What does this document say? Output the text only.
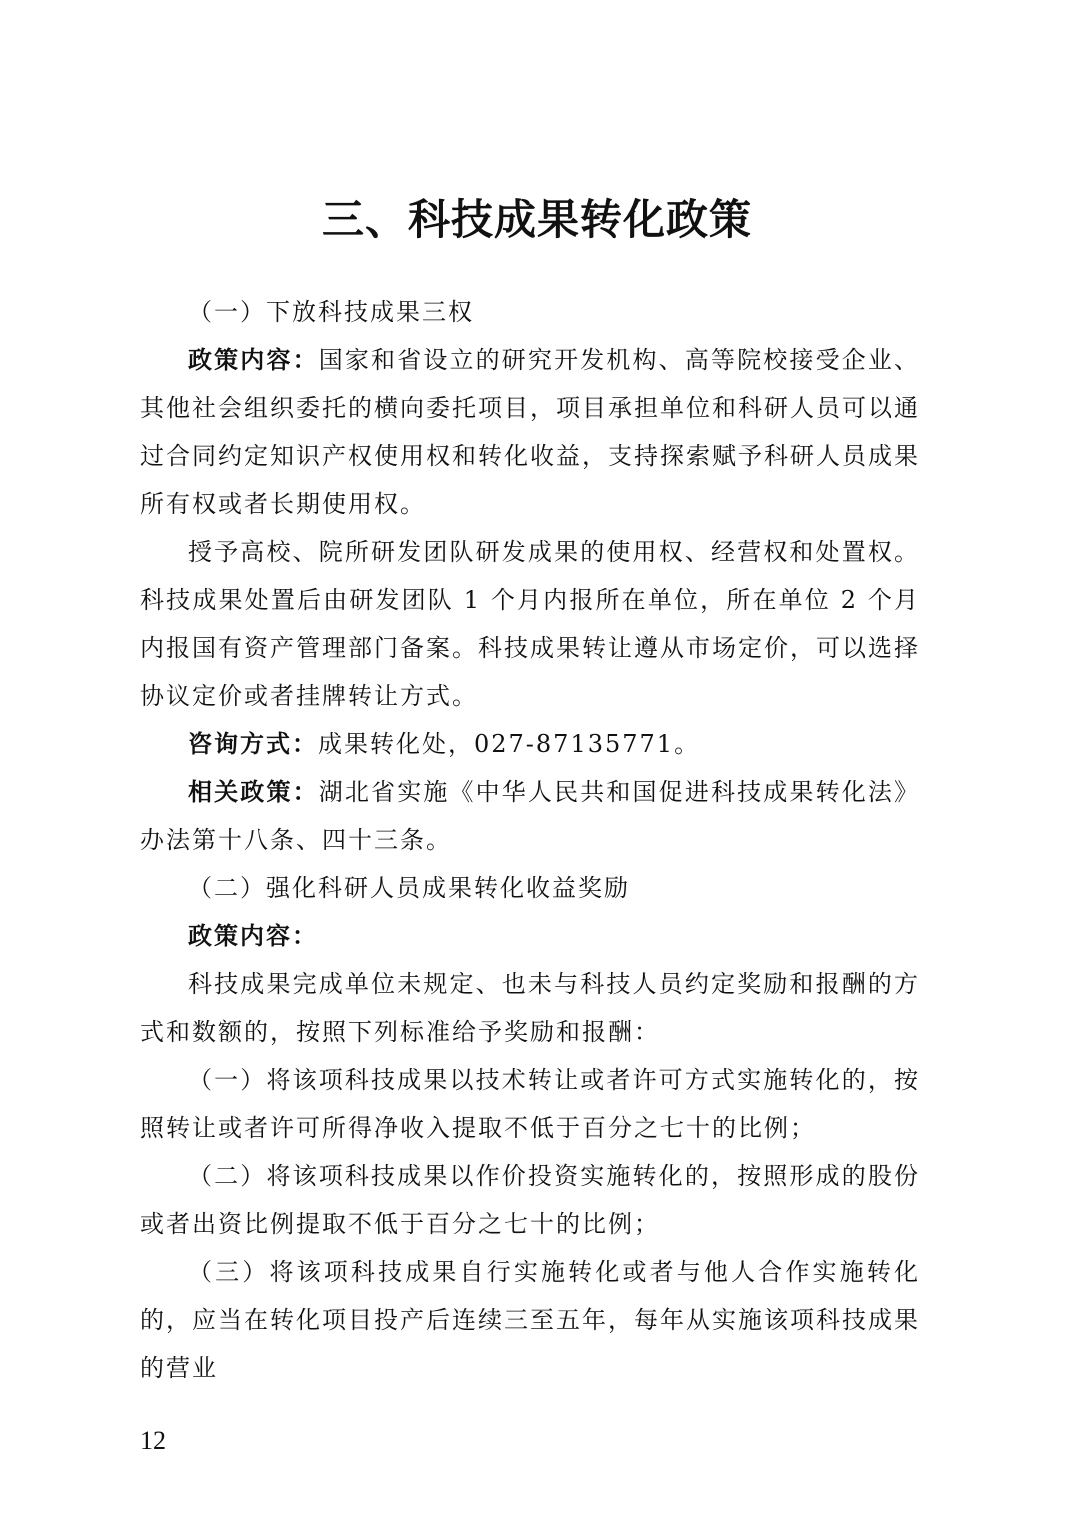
三、科技成果转化政策

（一）下放科技成果三权

政策内容：国家和省设立的研究开发机构、高等院校接受企业、其他社会组织委托的横向委托项目，项目承担单位和科研人员可以通过合同约定知识产权使用权和转化收益，支持探索赋予科研人员成果所有权或者长期使用权。

授予高校、院所研发团队研发成果的使用权、经营权和处置权。科技成果处置后由研发团队 1 个月内报所在单位，所在单位 2 个月内报国有资产管理部门备案。科技成果转让遵从市场定价，可以选择协议定价或者挂牌转让方式。

咨询方式：成果转化处，027-87135771。

相关政策：湖北省实施《中华人民共和国促进科技成果转化法》办法第十八条、四十三条。

（二）强化科研人员成果转化收益奖励

政策内容：

科技成果完成单位未规定、也未与科技人员约定奖励和报酬的方式和数额的，按照下列标准给予奖励和报酬：

（一）将该项科技成果以技术转让或者许可方式实施转化的，按照转让或者许可所得净收入提取不低于百分之七十的比例；

（二）将该项科技成果以作价投资实施转化的，按照形成的股份或者出资比例提取不低于百分之七十的比例；

（三）将该项科技成果自行实施转化或者与他人合作实施转化的，应当在转化项目投产后连续三至五年，每年从实施该项科技成果的营业

12
